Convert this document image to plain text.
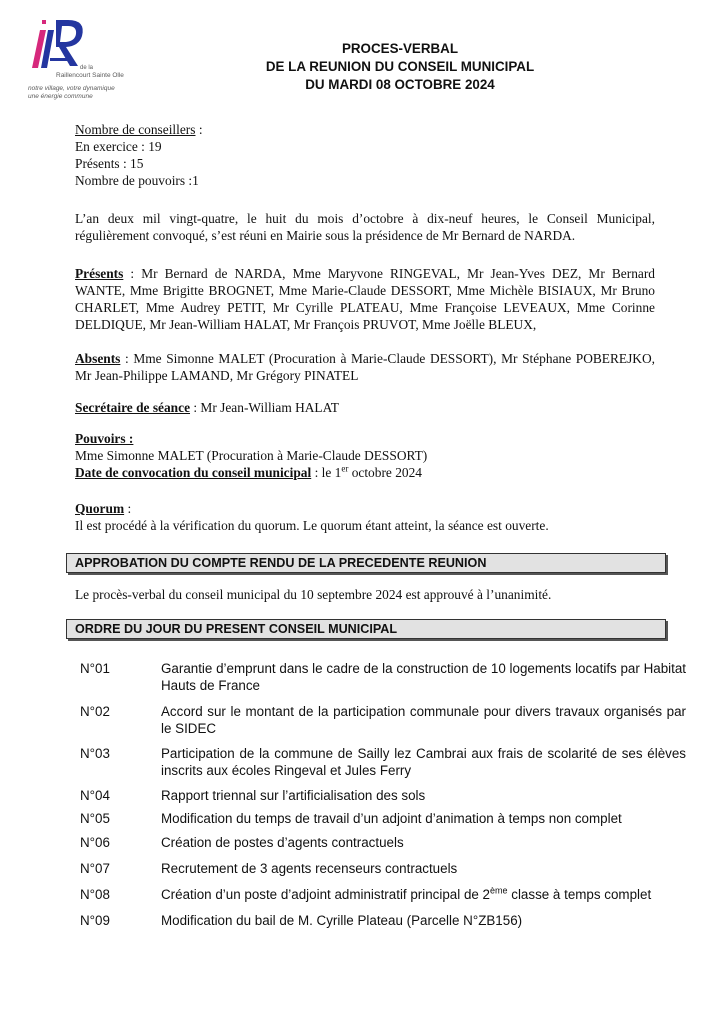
de la
Raillencourt Sainte Olle
notre village, votre dynamique
une énergie commune
PROCES-VERBAL
DE LA REUNION DU CONSEIL MUNICIPAL
DU MARDI 08 OCTOBRE 2024
Nombre de conseillers :
En exercice : 19
Présents : 15
Nombre de pouvoirs :1
L’an deux mil vingt-quatre, le huit du mois d’octobre à dix-neuf heures, le Conseil Municipal, régulièrement convoqué, s’est réuni en Mairie sous la présidence de Mr Bernard de NARDA.
Présents : Mr Bernard de NARDA, Mme Maryvone RINGEVAL, Mr Jean-Yves DEZ, Mr Bernard WANTE, Mme Brigitte BROGNET, Mme Marie-Claude DESSORT, Mme Michèle BISIAUX, Mr Bruno CHARLET, Mme Audrey PETIT, Mr Cyrille PLATEAU, Mme Françoise LEVEAUX, Mme Corinne DELDIQUE, Mr Jean-William HALAT, Mr François PRUVOT, Mme Joëlle BLEUX,
Absents : Mme Simonne MALET (Procuration à Marie-Claude DESSORT), Mr Stéphane POBEREJKO, Mr Jean-Philippe LAMAND, Mr Grégory PINATEL
Secrétaire de séance : Mr Jean-William HALAT
Pouvoirs :
Mme Simonne MALET (Procuration à Marie-Claude DESSORT)
Date de convocation du conseil municipal : le 1er octobre 2024
Quorum :
Il est procédé à la vérification du quorum. Le quorum étant atteint, la séance est ouverte.
APPROBATION DU COMPTE RENDU DE LA PRECEDENTE REUNION
Le procès-verbal du conseil municipal du 10 septembre 2024 est approuvé à l’unanimité.
ORDRE DU JOUR DU PRESENT CONSEIL MUNICIPAL
N°01	Garantie d’emprunt dans le cadre de la construction de 10 logements locatifs par Habitat Hauts de France
N°02	Accord sur le montant de la participation communale pour divers travaux organisés par le SIDEC
N°03	Participation de la commune de Sailly lez Cambrai aux frais de scolarité de ses élèves inscrits aux écoles Ringeval et Jules Ferry
N°04	Rapport triennal sur l’artificialisation des sols
N°05	Modification du temps de travail d’un adjoint d’animation à temps non complet
N°06	Création de postes d’agents contractuels
N°07	Recrutement de 3 agents recenseurs contractuels
N°08	Création d’un poste d’adjoint administratif principal de 2ème classe à temps complet
N°09	Modification du bail de M. Cyrille Plateau (Parcelle N°ZB156)
